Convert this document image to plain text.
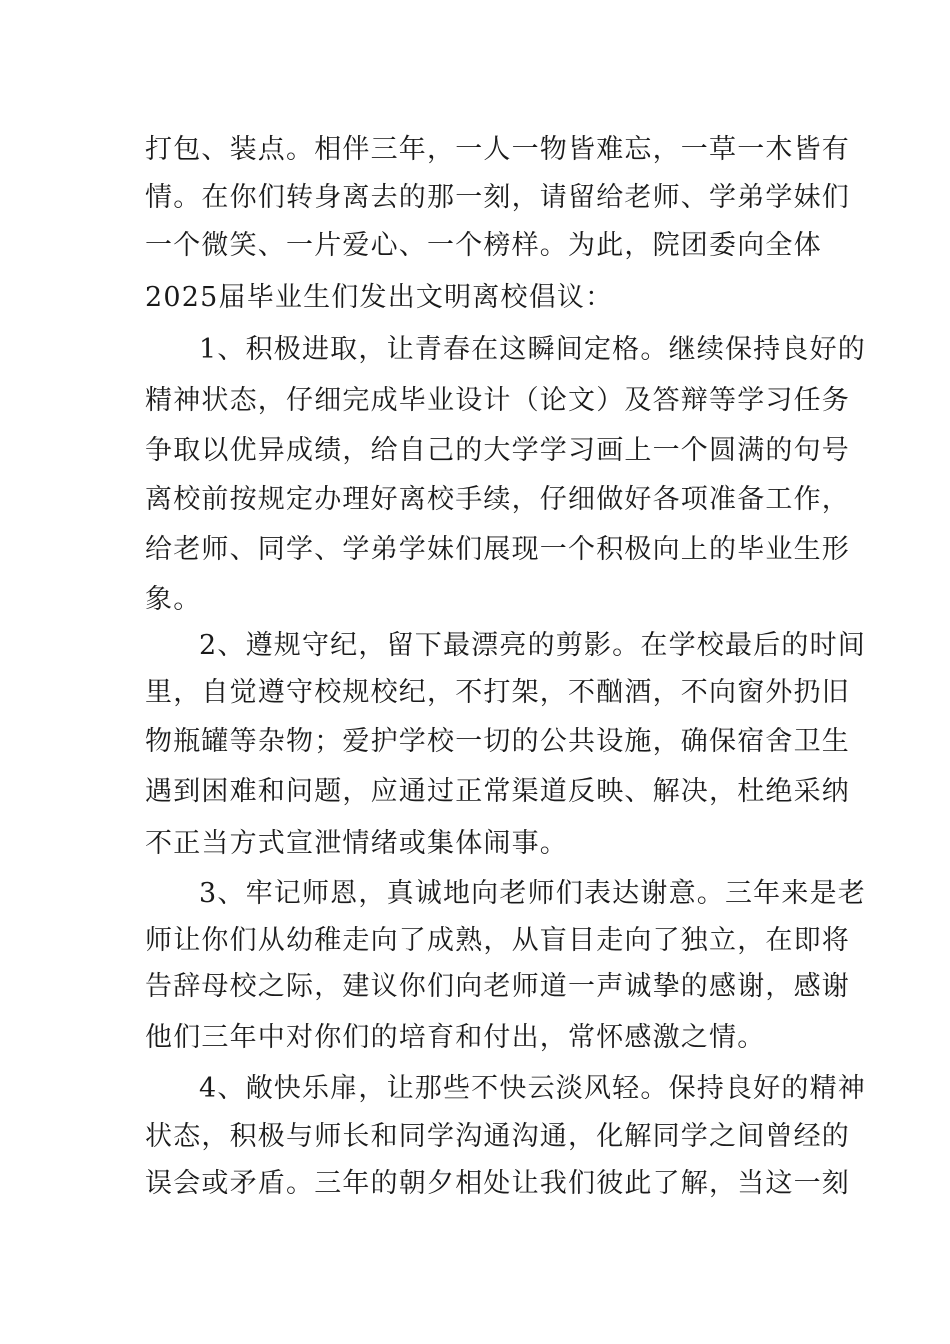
打包、装点。相伴三年，一人一物皆难忘，一草一木皆有
情。在你们转身离去的那一刻，请留给老师、学弟学妹们
一个微笑、一片爱心、一个榜样。为此，院团委向全体
2025届毕业生们发出文明离校倡议：
1、积极进取，让青春在这瞬间定格。继续保持良好的
精神状态，仔细完成毕业设计（论文）及答辩等学习任务
争取以优异成绩，给自己的大学学习画上一个圆满的句号
离校前按规定办理好离校手续，仔细做好各项准备工作，
给老师、同学、学弟学妹们展现一个积极向上的毕业生形
象。
2、遵规守纪，留下最漂亮的剪影。在学校最后的时间
里，自觉遵守校规校纪，不打架，不酗酒，不向窗外扔旧
物瓶罐等杂物；爱护学校一切的公共设施，确保宿舍卫生
遇到困难和问题，应通过正常渠道反映、解决，杜绝采纳
不正当方式宣泄情绪或集体闹事。
3、牢记师恩，真诚地向老师们表达谢意。三年来是老
师让你们从幼稚走向了成熟，从盲目走向了独立，在即将
告辞母校之际，建议你们向老师道一声诚挚的感谢，感谢
他们三年中对你们的培育和付出，常怀感激之情。
4、敞快乐扉，让那些不快云淡风轻。保持良好的精神
状态，积极与师长和同学沟通沟通，化解同学之间曾经的
误会或矛盾。三年的朝夕相处让我们彼此了解，当这一刻
